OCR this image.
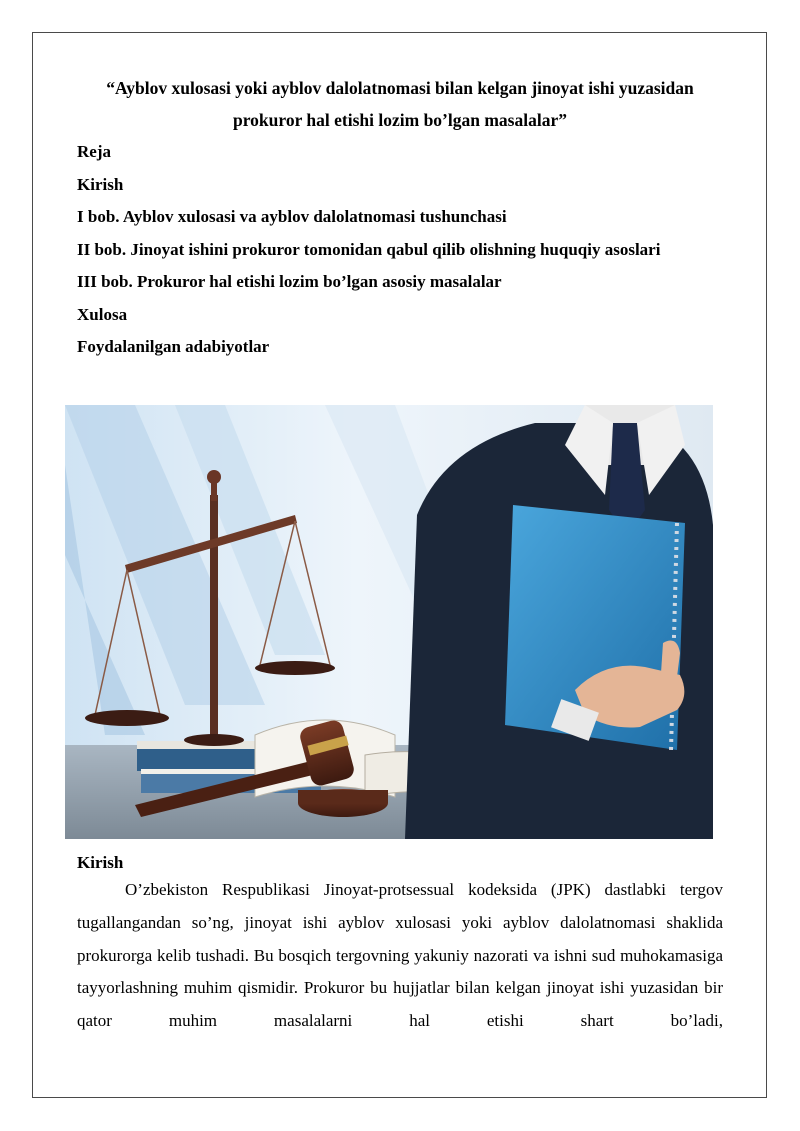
“Ayblov xulosasi yoki ayblov dalolatnomasi bilan kelgan jinoyat ishi yuzasidan prokuror hal etishi lozim bo’lgan masalalar”

Reja
Kirish
I bob. Ayblov xulosasi va ayblov dalolatnomasi tushunchasi
II bob. Jinoyat ishini prokuror tomonidan qabul qilib olishning huquqiy asoslari
III bob. Prokuror hal etishi lozim bo’lgan asosiy masalalar
Xulosa
Foydalanilgan adabiyotlar
Kirish

O’zbekiston Respublikasi Jinoyat-protsessual kodeksida (JPK) dastlabki tergov tugallangandan so’ng, jinoyat ishi ayblov xulosasi yoki ayblov dalolatnomasi shaklida prokurorga kelib tushadi. Bu bosqich tergovning yakuniy nazorati va ishni sud muhokamasiga tayyorlashning muhim qismidir. Prokuror bu hujjatlar bilan kelgan jinoyat ishi yuzasidan bir qator muhim masalalarni hal etishi shart bo’ladi,
